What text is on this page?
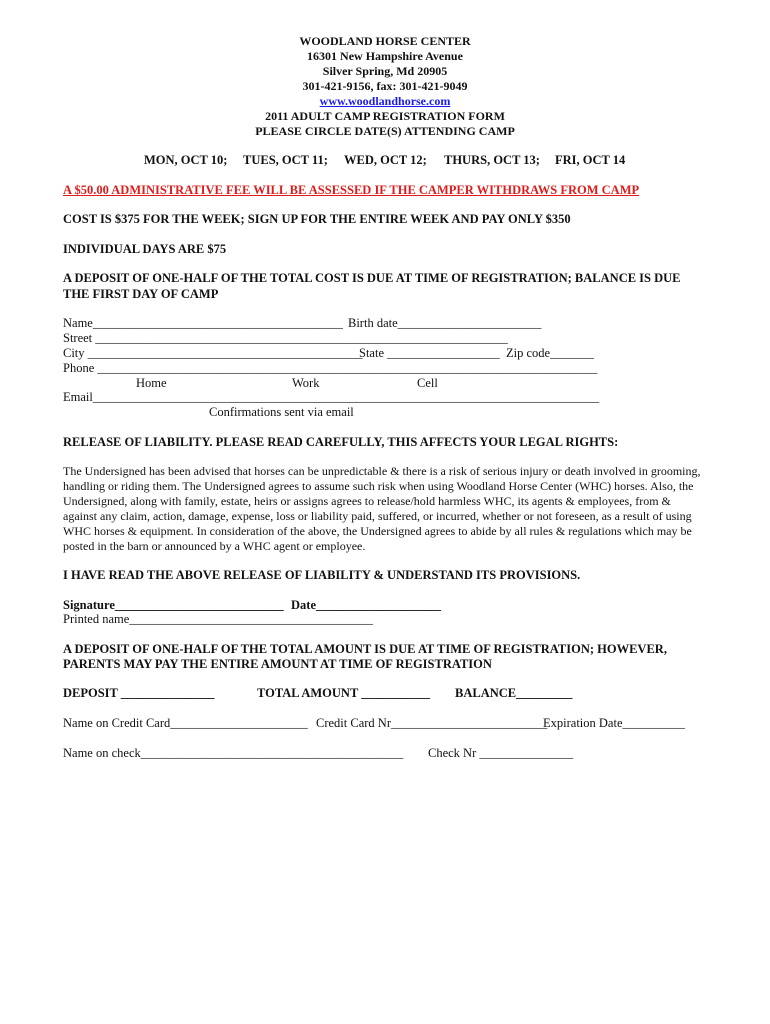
WOODLAND HORSE CENTER
16301 New Hampshire Avenue
Silver Spring, Md 20905
301-421-9156, fax: 301-421-9049
www.woodlandhorse.com
2011 ADULT CAMP REGISTRATION FORM
PLEASE CIRCLE DATE(S) ATTENDING CAMP
MON, OCT 10; TUES, OCT 11; WED, OCT 12; THURS, OCT 13; FRI, OCT 14
A $50.00 ADMINISTRATIVE FEE WILL BE ASSESSED IF THE CAMPER WITHDRAWS FROM CAMP
COST IS $375 FOR THE WEEK; SIGN UP FOR THE ENTIRE WEEK AND PAY ONLY $350
INDIVIDUAL DAYS ARE $75
A DEPOSIT OF ONE-HALF OF THE TOTAL COST IS DUE AT TIME OF REGISTRATION; BALANCE IS DUE
THE FIRST DAY OF CAMP
Name________________________________________ Birth date_______________________
Street __________________________________________________________________
City ____________________________________________
State __________________ Zip code_______
Phone ________________________________________________________________________________
Home	Work	Cell
Email_________________________________________________________________________________
Confirmations sent via email
RELEASE OF LIABILITY. PLEASE READ CAREFULLY, THIS AFFECTS YOUR LEGAL RIGHTS:
The Undersigned has been advised that horses can be unpredictable & there is a risk of serious injury or death involved in grooming, handling or riding them. The Undersigned agrees to assume such risk when using Woodland Horse Center (WHC) horses. Also, the Undersigned, along with family, estate, heirs or assigns agrees to release/hold harmless WHC, its agents & employees, from & against any claim, action, damage, expense, loss or liability paid, suffered, or incurred, whether or not foreseen, as a result of using WHC horses & equipment. In consideration of the above, the Undersigned agrees to abide by all rules & regulations which may be posted in the barn or announced by a WHC agent or employee.
I HAVE READ THE ABOVE RELEASE OF LIABILITY & UNDERSTAND ITS PROVISIONS.
Signature___________________________ Date____________________
Printed name_______________________________________
A DEPOSIT OF ONE-HALF OF THE TOTAL AMOUNT IS DUE AT TIME OF REGISTRATION; HOWEVER,
PARENTS MAY PAY THE ENTIRE AMOUNT AT TIME OF REGISTRATION
DEPOSIT _______________	TOTAL AMOUNT ___________ BALANCE_________
Name on Credit Card______________________ Credit Card Nr_________________________
Expiration Date__________
Name on check__________________________________________ Check Nr _______________
